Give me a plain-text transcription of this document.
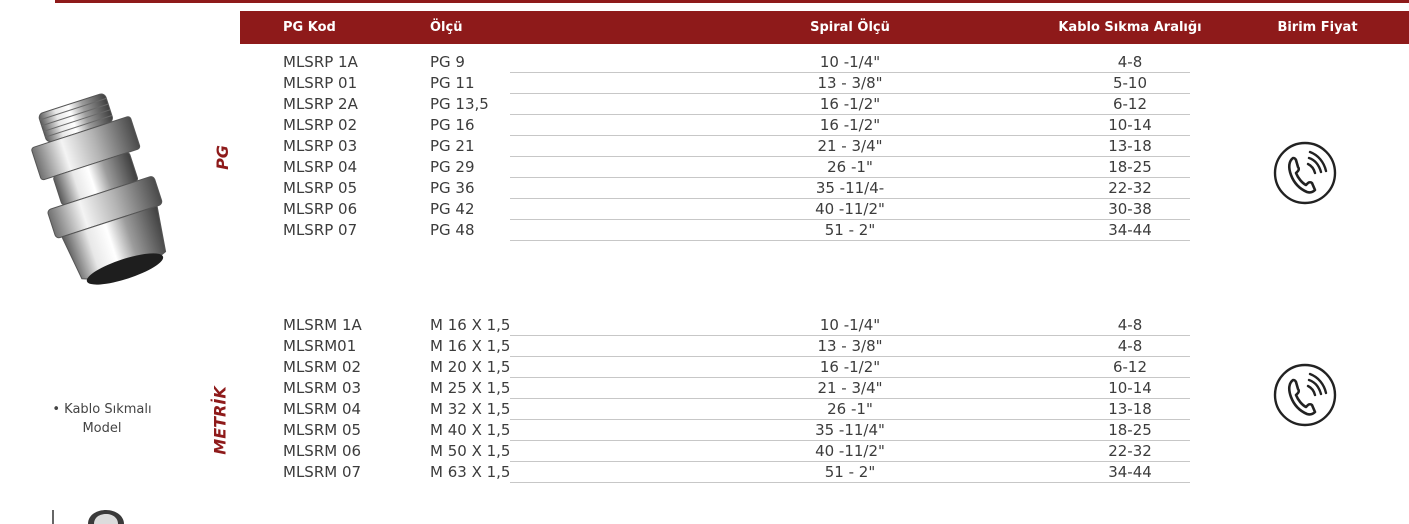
PG Kod	Ölçü	Spiral Ölçü	Kablo Sıkma Aralığı	Birim Fiyat
MLSRP 1A	PG 9	10 -1/4"	4-8
MLSRP 01	PG 11	13 - 3/8"	5-10
MLSRP 2A	PG 13,5	16 -1/2"	6-12
MLSRP 02	PG 16	16 -1/2"	10-14
MLSRP 03	PG 21	21 - 3/4"	13-18
MLSRP 04	PG 29	26 -1"	18-25
MLSRP 05	PG 36	35 -11/4-	22-32
MLSRP 06	PG 42	40 -11/2"	30-38
MLSRP 07	PG 48	51 - 2"	34-44
MLSRM 1A	M 16 X 1,5	10 -1/4"	4-8
MLSRM01	M 16 X 1,5	13 - 3/8"	4-8
MLSRM 02	M 20 X 1,5	16 -1/2"	6-12
MLSRM 03	M 25 X 1,5	21 - 3/4"	10-14
MLSRM 04	M 32 X 1,5	26 -1"	13-18
MLSRM 05	M 40 X 1,5	35 -11/4"	18-25
MLSRM 06	M 50 X 1,5	40 -11/2"	22-32
MLSRM 07	M 63 X 1,5	51 - 2"	34-44
PG
METRİK
• Kablo Sıkmalı
Model
